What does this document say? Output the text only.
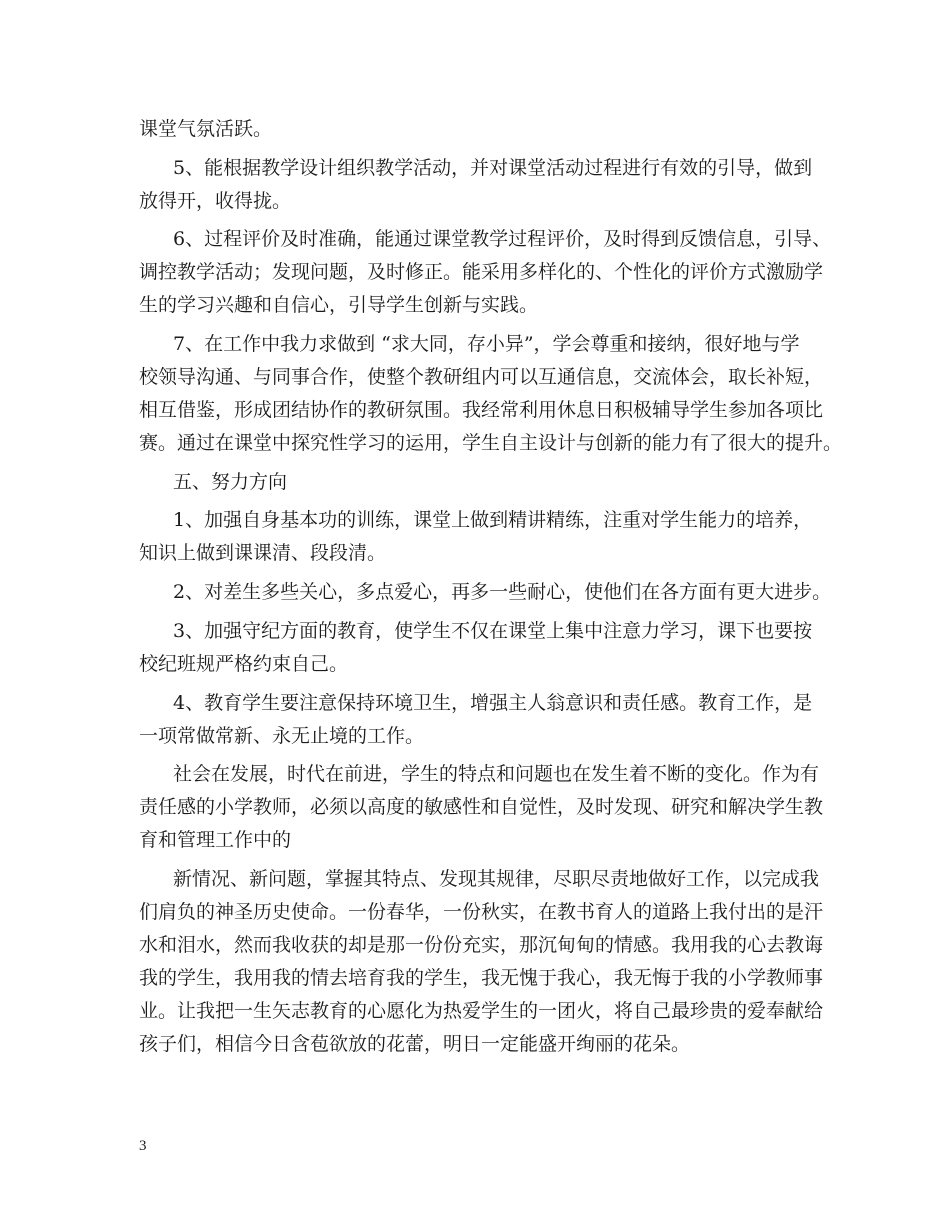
课堂气氛活跃。
5、能根据教学设计组织教学活动，并对课堂活动过程进行有效的引导，做到
放得开，收得拢。
6、过程评价及时准确，能通过课堂教学过程评价，及时得到反馈信息，引导、
调控教学活动；发现问题，及时修正。能采用多样化的、个性化的评价方式激励学
生的学习兴趣和自信心，引导学生创新与实践。
7、在工作中我力求做到 “求大同，存小异”，学会尊重和接纳，很好地与学
校领导沟通、与同事合作，使整个教研组内可以互通信息，交流体会，取长补短，
相互借鉴，形成团结协作的教研氛围。我经常利用休息日积极辅导学生参加各项比
赛。通过在课堂中探究性学习的运用，学生自主设计与创新的能力有了很大的提升。
五、努力方向
1、加强自身基本功的训练，课堂上做到精讲精练，注重对学生能力的培养，
知识上做到课课清、段段清。
2、对差生多些关心，多点爱心，再多一些耐心，使他们在各方面有更大进步。
3、加强守纪方面的教育，使学生不仅在课堂上集中注意力学习，课下也要按
校纪班规严格约束自己。
4、教育学生要注意保持环境卫生，增强主人翁意识和责任感。教育工作，是
一项常做常新、永无止境的工作。
社会在发展，时代在前进，学生的特点和问题也在发生着不断的变化。作为有
责任感的小学教师，必须以高度的敏感性和自觉性，及时发现、研究和解决学生教
育和管理工作中的
新情况、新问题，掌握其特点、发现其规律，尽职尽责地做好工作，以完成我
们肩负的神圣历史使命。一份春华，一份秋实，在教书育人的道路上我付出的是汗
水和泪水，然而我收获的却是那一份份充实，那沉甸甸的情感。我用我的心去教诲
我的学生，我用我的情去培育我的学生，我无愧于我心，我无悔于我的小学教师事
业。让我把一生矢志教育的心愿化为热爱学生的一团火，将自己最珍贵的爱奉献给
孩子们，相信今日含苞欲放的花蕾，明日一定能盛开绚丽的花朵。
3
